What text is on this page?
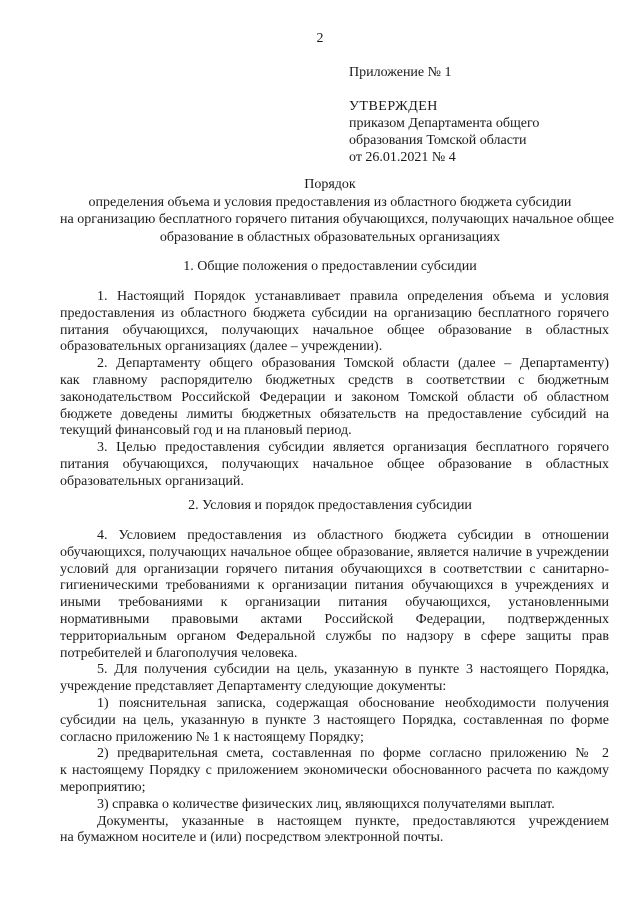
2
Приложение № 1
УТВЕРЖДЕН
приказом Департамента общего
образования Томской области
от 26.01.2021 № 4
Порядок
определения объема и условия предоставления из областного бюджета субсидии
на организацию бесплатного горячего питания обучающихся, получающих начальное общее
образование в областных образовательных организациях
1. Общие положения о предоставлении субсидии
1. Настоящий Порядок устанавливает правила определения объема и условия
предоставления из областного бюджета субсидии на организацию бесплатного горячего
питания обучающихся, получающих начальное общее образование в областных
образовательных организациях (далее – учреждении).
2. Департаменту общего образования Томской области (далее – Департаменту)
как главному распорядителю бюджетных средств в соответствии с бюджетным
законодательством Российской Федерации и законом Томской области об областном
бюджете доведены лимиты бюджетных обязательств на предоставление субсидий на
текущий финансовый год и на плановый период.
3. Целью предоставления субсидии является организация бесплатного горячего
питания обучающихся, получающих начальное общее образование в областных
образовательных организаций.
2. Условия и порядок предоставления субсидии
4. Условием предоставления из областного бюджета субсидии в отношении
обучающихся, получающих начальное общее образование, является наличие в учреждении
условий для организации горячего питания обучающихся в соответствии с санитарно-
гигиеническими требованиями к организации питания обучающихся в учреждениях и
иными требованиями к организации питания обучающихся, установленными
нормативными правовыми актами Российской Федерации, подтвержденных
территориальным органом Федеральной службы по надзору в сфере защиты прав
потребителей и благополучия человека.
5. Для получения субсидии на цель, указанную в пункте 3 настоящего Порядка,
учреждение представляет Департаменту следующие документы:
1) пояснительная записка, содержащая обоснование необходимости получения
субсидии на цель, указанную в пункте 3 настоящего Порядка, составленная по форме
согласно приложению № 1 к настоящему Порядку;
2) предварительная смета, составленная по форме согласно приложению № 2
к настоящему Порядку с приложением экономически обоснованного расчета по каждому
мероприятию;
3) справка о количестве физических лиц, являющихся получателями выплат.
Документы, указанные в настоящем пункте, предоставляются учреждением
на бумажном носителе и (или) посредством электронной почты.
